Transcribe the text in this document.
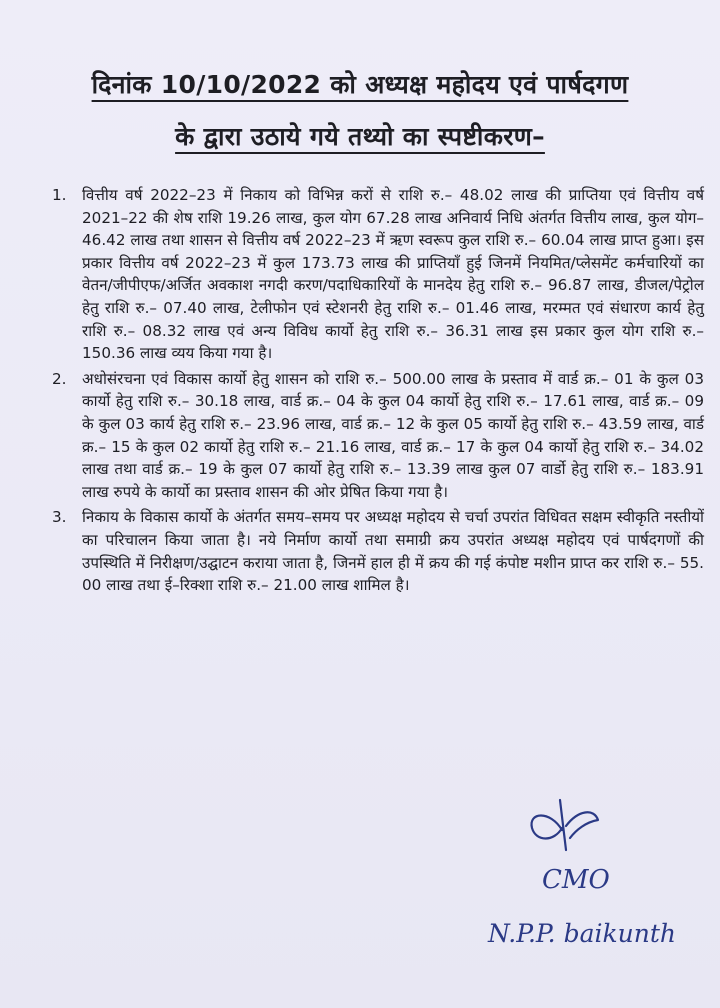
दिनांक 10/10/2022 को अध्यक्ष महोदय एवं पार्षदगण
के द्वारा उठाये गये तथ्यो का स्पष्टीकरण–
1. वित्तीय वर्ष 2022–23 में निकाय को विभिन्न करों से राशि रु.– 48.02 लाख की प्राप्तिया एवं वित्तीय वर्ष 2021–22 की शेष राशि 19.26 लाख, कुल योग 67.28 लाख अनिवार्य निधि अंतर्गत वित्तीय लाख, कुल योग– 46.42 लाख तथा शासन से वित्तीय वर्ष 2022–23 में ऋण स्वरूप कुल राशि रु.– 60.04 लाख प्राप्त हुआ। इस प्रकार वित्तीय वर्ष 2022–23 में कुल 173.73 लाख की प्राप्तियाँ हुई जिनमें नियमित/प्लेसमेंट कर्मचारियों का वेतन/जीपीएफ/अर्जित अवकाश नगदी करण/पदाधिकारियों के मानदेय हेतु राशि रु.– 96.87 लाख, डीजल/पेट्रोल हेतु राशि रु.– 07.40 लाख, टेलीफोन एवं स्टेशनरी हेतु राशि रु.– 01.46 लाख, मरम्मत एवं संधारण कार्य हेतु राशि रु.– 08.32 लाख एवं अन्य विविध कार्यो हेतु राशि रु.– 36.31 लाख इस प्रकार कुल योग राशि रु.– 150.36 लाख व्यय किया गया है।
2. अधोसंरचना एवं विकास कार्यो हेतु शासन को राशि रु.– 500.00 लाख के प्रस्ताव में वार्ड क्र.– 01 के कुल 03 कार्यो हेतु राशि रु.– 30.18 लाख, वार्ड क्र.– 04 के कुल 04 कार्यो हेतु राशि रु.– 17.61 लाख, वार्ड क्र.– 09 के कुल 03 कार्य हेतु राशि रु.– 23.96 लाख, वार्ड क्र.– 12 के कुल 05 कार्यो हेतु राशि रु.– 43.59 लाख, वार्ड क्र.– 15 के कुल 02 कार्यो हेतु राशि रु.– 21.16 लाख, वार्ड क्र.– 17 के कुल 04 कार्यो हेतु राशि रु.– 34.02 लाख तथा वार्ड क्र.– 19 के कुल 07 कार्यो हेतु राशि रु.– 13.39 लाख कुल 07 वार्डो हेतु राशि रु.– 183.91 लाख रुपये के कार्यो का प्रस्ताव शासन की ओर प्रेषित किया गया है।
3. निकाय के विकास कार्यो के अंतर्गत समय–समय पर अध्यक्ष महोदय से चर्चा उपरांत विधिवत सक्षम स्वीकृति नस्तीयों का परिचालन किया जाता है। नये निर्माण कार्यो तथा समाग्री क्रय उपरांत अध्यक्ष महोदय एवं पार्षदगणों की उपस्थिति में निरीक्षण/उद्घाटन कराया जाता है, जिनमें हाल ही में क्रय की गई कंपोष्ट मशीन प्राप्त कर राशि रु.– 55. 00 लाख तथा ई–रिक्शा राशि रु.– 21.00 लाख शामिल है।
CMO
N.P.P. baikunth
